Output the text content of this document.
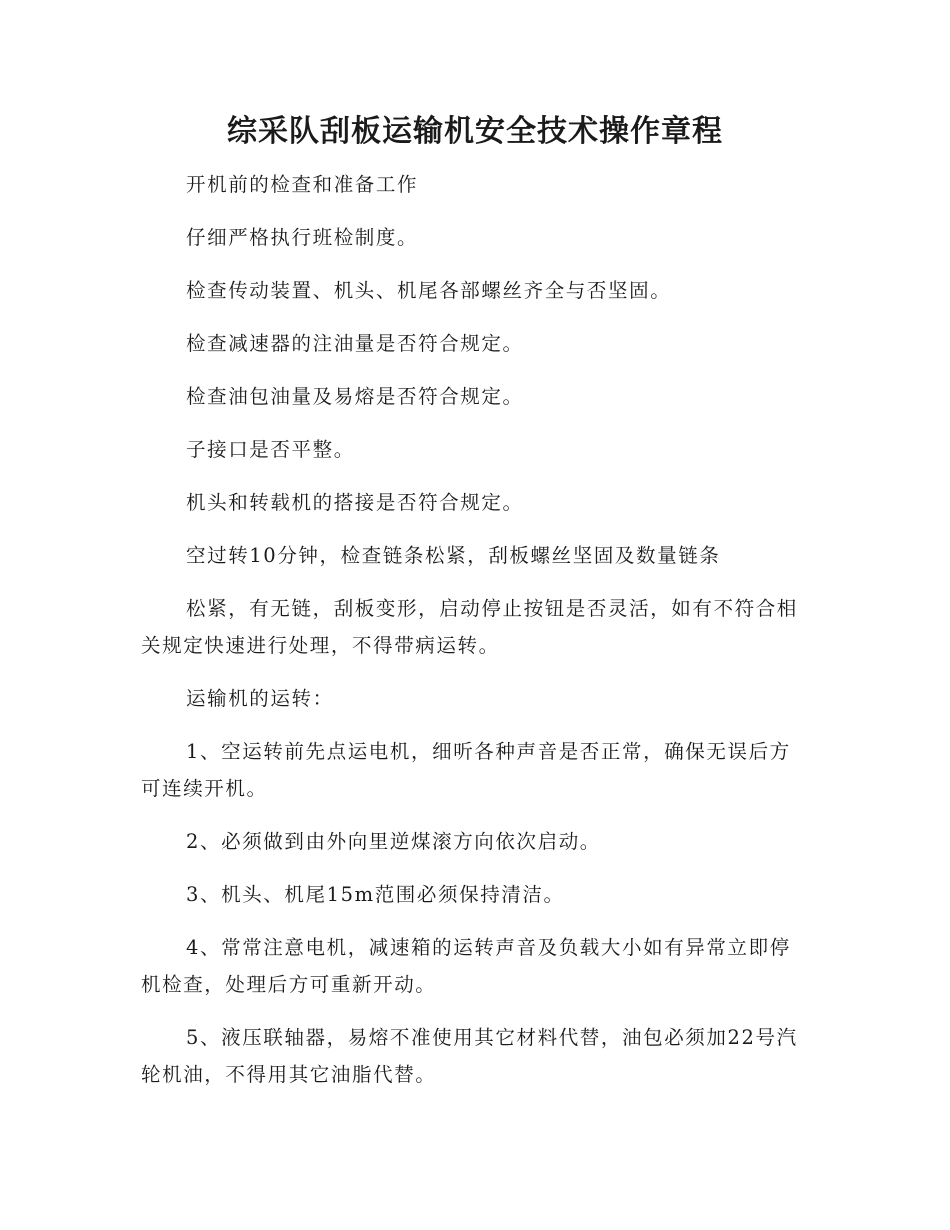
综采队刮板运输机安全技术操作章程

开机前的检查和准备工作

仔细严格执行班检制度。

检查传动装置、机头、机尾各部螺丝齐全与否坚固。

检查减速器的注油量是否符合规定。

检查油包油量及易熔是否符合规定。

子接口是否平整。

机头和转载机的搭接是否符合规定。

空过转10分钟，检查链条松紧，刮板螺丝坚固及数量链条

松紧，有无链，刮板变形，启动停止按钮是否灵活，如有不符合相关规定快速进行处理，不得带病运转。

运输机的运转：

1、空运转前先点运电机，细听各种声音是否正常，确保无误后方可连续开机。

2、必须做到由外向里逆煤滚方向依次启动。

3、机头、机尾15m范围必须保持清洁。

4、常常注意电机，减速箱的运转声音及负载大小如有异常立即停机检查，处理后方可重新开动。

5、液压联轴器，易熔不准使用其它材料代替，油包必须加22号汽轮机油，不得用其它油脂代替。
